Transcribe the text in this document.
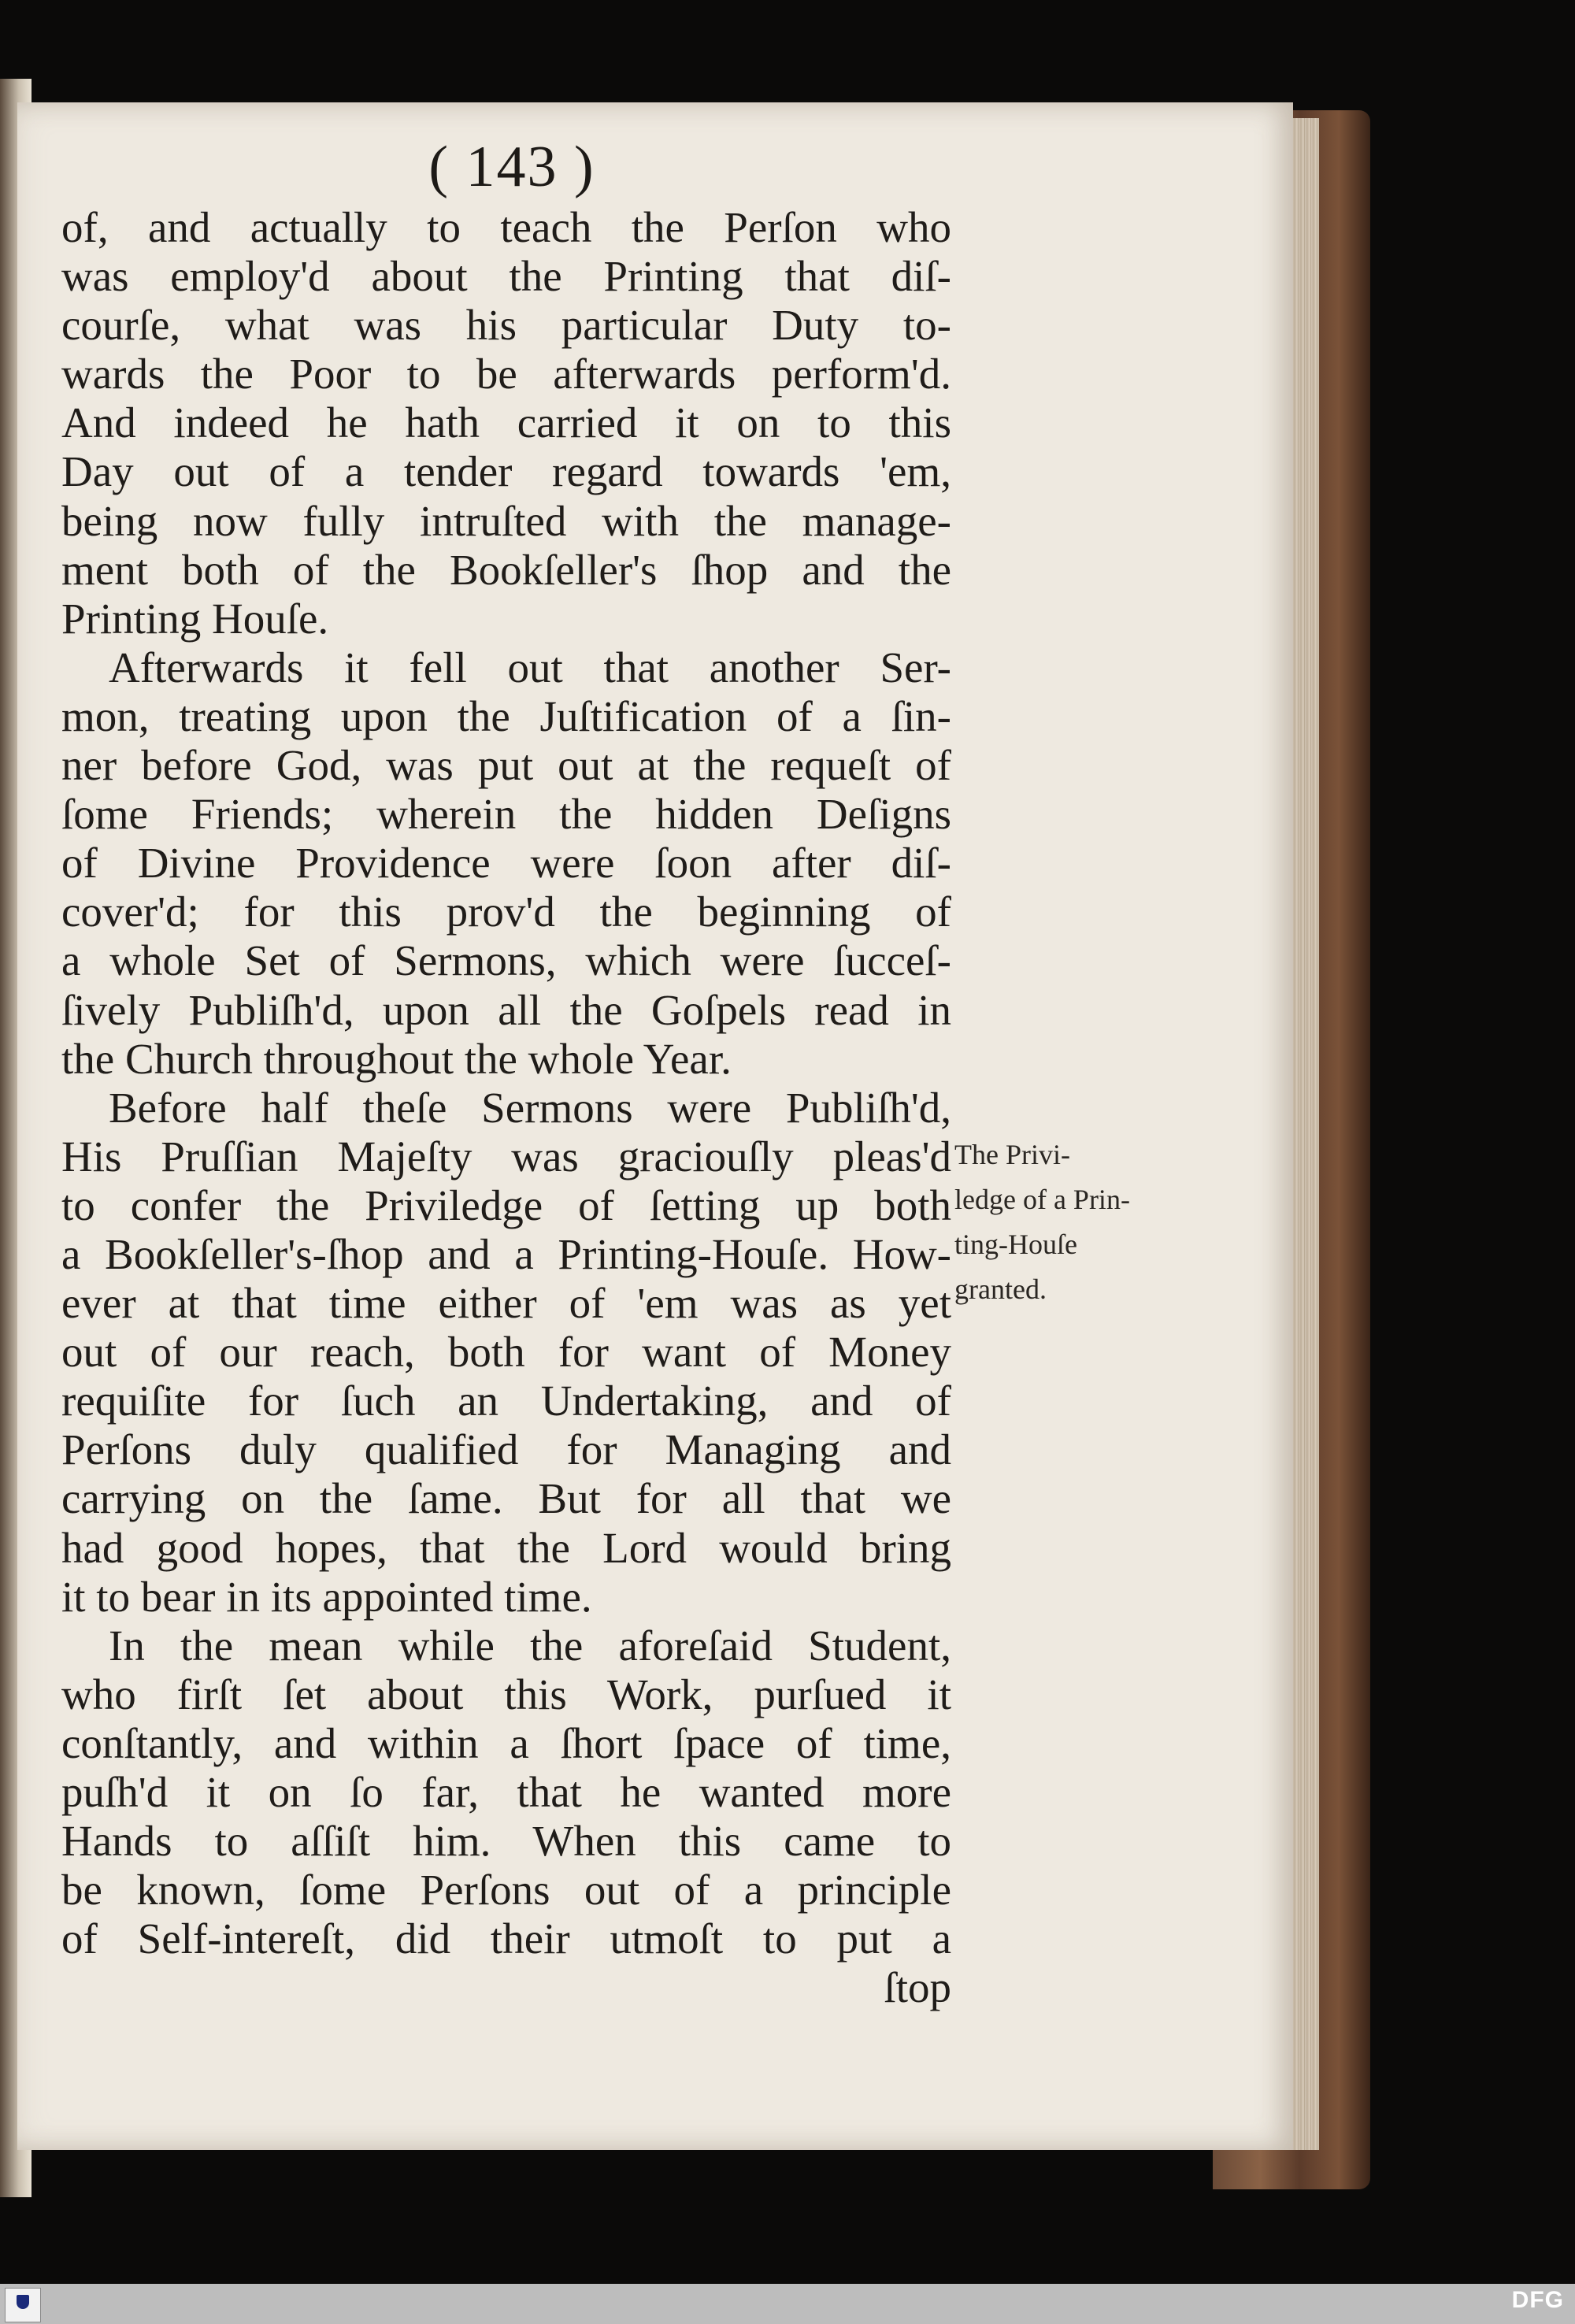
( 143 )
of, and actually to teach the Perſon who
was employ'd about the Printing that diſ-
courſe, what was his particular Duty to-
wards the Poor to be afterwards perform'd.
And indeed he hath carried it on to this
Day out of a tender regard towards 'em,
being now fully intruſted with the manage-
ment both of the Bookſeller's ſhop and the
Printing Houſe.
Afterwards it fell out that another Ser-
mon, treating upon the Juſtification of a ſin-
ner before God, was put out at the requeſt of
ſome Friends; wherein the hidden Deſigns
of Divine Providence were ſoon after diſ-
cover'd; for this prov'd the beginning of
a whole Set of Sermons, which were ſucceſ-
ſively Publiſh'd, upon all the Goſpels read in
the Church throughout the whole Year.
Before half theſe Sermons were Publiſh'd,
His Pruſſian Majeſty was graciouſly pleas'd
to confer the Priviledge of ſetting up both
a Bookſeller's-ſhop and a Printing-Houſe. How-
ever at that time either of 'em was as yet
out of our reach, both for want of Money
requiſite for ſuch an Undertaking, and of
Perſons duly qualified for Managing and
carrying on the ſame. But for all that we
had good hopes, that the Lord would bring
it to bear in its appointed time.
In the mean while the aforeſaid Student,
who firſt ſet about this Work, purſued it
conſtantly, and within a ſhort ſpace of time,
puſh'd it on ſo far, that he wanted more
Hands to aſſiſt him. When this came to
be known, ſome Perſons out of a principle
of Self-intereſt, did their utmoſt to put a
ſtop
The Privi-
ledge of a Prin-
ting-Houſe
granted.
DFG
